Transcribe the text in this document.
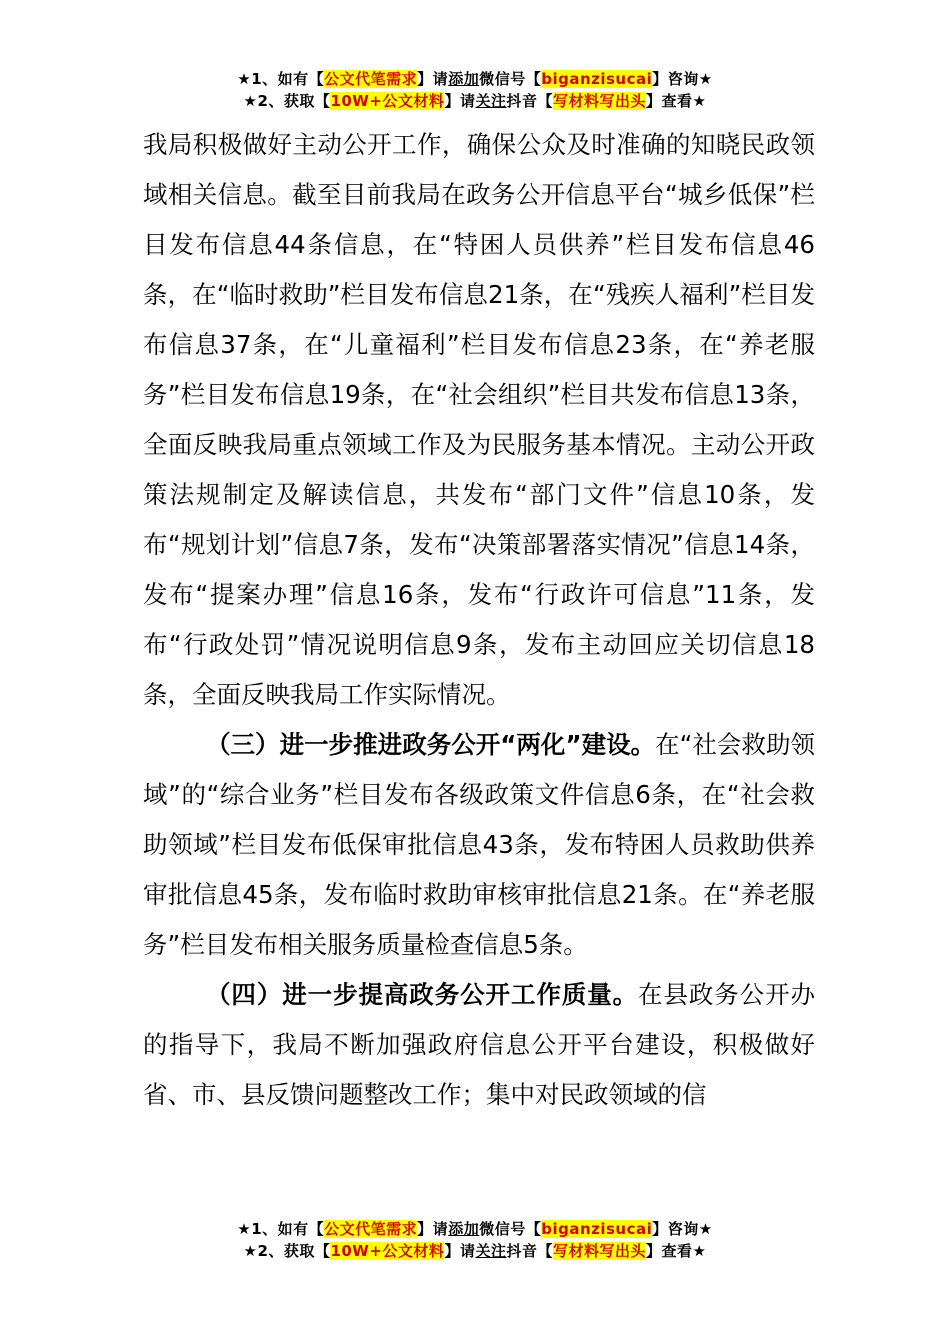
★1、如有【公文代笔需求】请添加微信号【biganzisucai】咨询★
★2、获取【10W+公文材料】请关注抖音【写材料写出头】查看★

我局积极做好主动公开工作，确保公众及时准确的知晓民政领域相关信息。截至目前我局在政务公开信息平台“城乡低保”栏目发布信息44条信息，在“特困人员供养”栏目发布信息46条，在“临时救助”栏目发布信息21条，在“残疾人福利”栏目发布信息37条，在“儿童福利”栏目发布信息23条，在“养老服务”栏目发布信息19条，在“社会组织”栏目共发布信息13条，全面反映我局重点领域工作及为民服务基本情况。主动公开政策法规制定及解读信息，共发布“部门文件”信息10条，发布“规划计划”信息7条，发布“决策部署落实情况”信息14条，发布“提案办理”信息16条，发布“行政许可信息”11条，发布“行政处罚”情况说明信息9条，发布主动回应关切信息18条，全面反映我局工作实际情况。

（三）进一步推进政务公开“两化”建设。在“社会救助领域”的“综合业务”栏目发布各级政策文件信息6条，在“社会救助领域”栏目发布低保审批信息43条，发布特困人员救助供养审批信息45条，发布临时救助审核审批信息21条。在“养老服务”栏目发布相关服务质量检查信息5条。

（四）进一步提高政务公开工作质量。在县政务公开办的指导下，我局不断加强政府信息公开平台建设，积极做好省、市、县反馈问题整改工作；集中对民政领域的信

★1、如有【公文代笔需求】请添加微信号【biganzisucai】咨询★
★2、获取【10W+公文材料】请关注抖音【写材料写出头】查看★
